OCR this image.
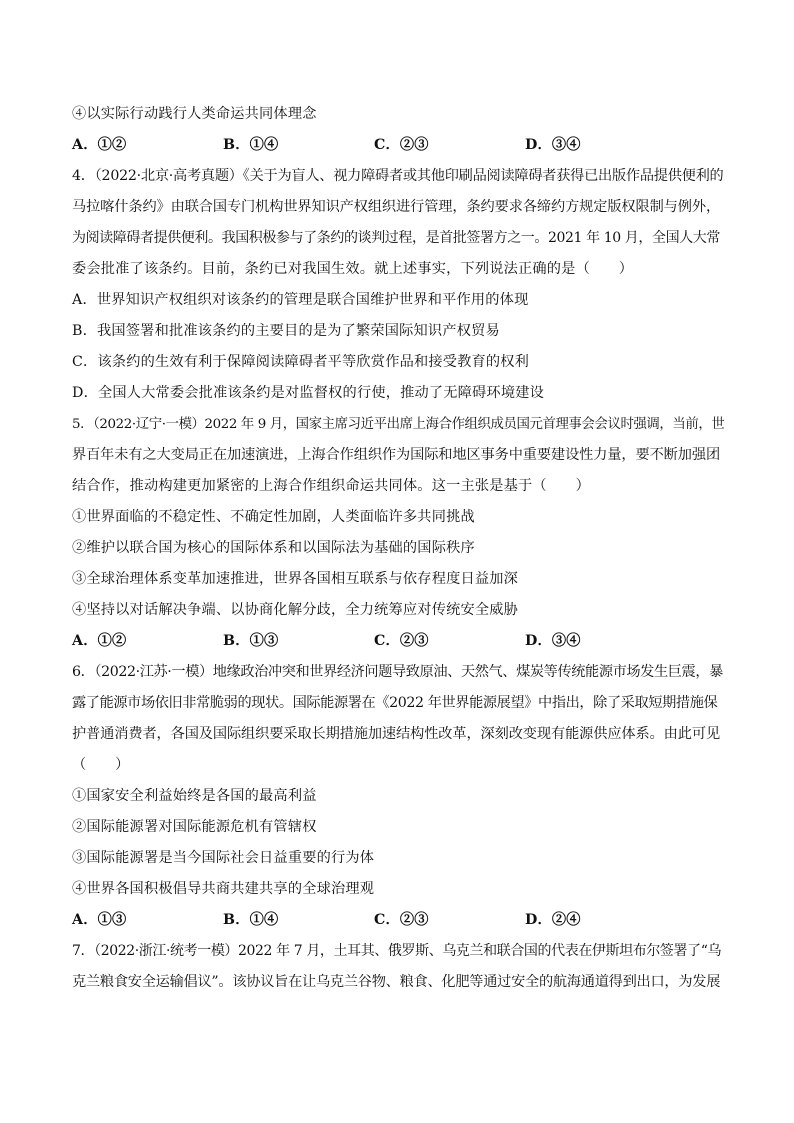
④以实际行动践行人类命运共同体理念
A．①②	B．①④	C．②③	D．③④
4．（2022·北京·高考真题）《关于为盲人、视力障碍者或其他印刷品阅读障碍者获得已出版作品提供便利的
马拉喀什条约》由联合国专门机构世界知识产权组织进行管理，条约要求各缔约方规定版权限制与例外，
为阅读障碍者提供便利。我国积极参与了条约的谈判过程，是首批签署方之一。2021 年 10 月，全国人大常
委会批准了该条约。目前，条约已对我国生效。就上述事实，下列说法正确的是（　　）
A．世界知识产权组织对该条约的管理是联合国维护世界和平作用的体现
B．我国签署和批准该条约的主要目的是为了繁荣国际知识产权贸易
C．该条约的生效有利于保障阅读障碍者平等欣赏作品和接受教育的权利
D．全国人大常委会批准该条约是对监督权的行使，推动了无障碍环境建设
5．（2022·辽宁·一模）2022 年 9 月，国家主席习近平出席上海合作组织成员国元首理事会会议时强调，当前，世
界百年未有之大变局正在加速演进，上海合作组织作为国际和地区事务中重要建设性力量，要不断加强团
结合作，推动构建更加紧密的上海合作组织命运共同体。这一主张是基于（　　）
①世界面临的不稳定性、不确定性加剧，人类面临许多共同挑战
②维护以联合国为核心的国际体系和以国际法为基础的国际秩序
③全球治理体系变革加速推进，世界各国相互联系与依存程度日益加深
④坚持以对话解决争端、以协商化解分歧，全力统筹应对传统安全威胁
A．①②	B．①③	C．②③	D．③④
6．（2022·江苏·一模）地缘政治冲突和世界经济问题导致原油、天然气、煤炭等传统能源市场发生巨震，暴
露了能源市场依旧非常脆弱的现状。国际能源署在《2022 年世界能源展望》中指出，除了采取短期措施保
护普通消费者，各国及国际组织要采取长期措施加速结构性改革，深刻改变现有能源供应体系。由此可见
（　　）
①国家安全利益始终是各国的最高利益
②国际能源署对国际能源危机有管辖权
③国际能源署是当今国际社会日益重要的行为体
④世界各国积极倡导共商共建共享的全球治理观
A．①③	B．①④	C．②③	D．②④
7．（2022·浙江·统考一模）2022 年 7 月，土耳其、俄罗斯、乌克兰和联合国的代表在伊斯坦布尔签署了“乌
克兰粮食安全运输倡议”。该协议旨在让乌克兰谷物、粮食、化肥等通过安全的航海通道得到出口，为发展
